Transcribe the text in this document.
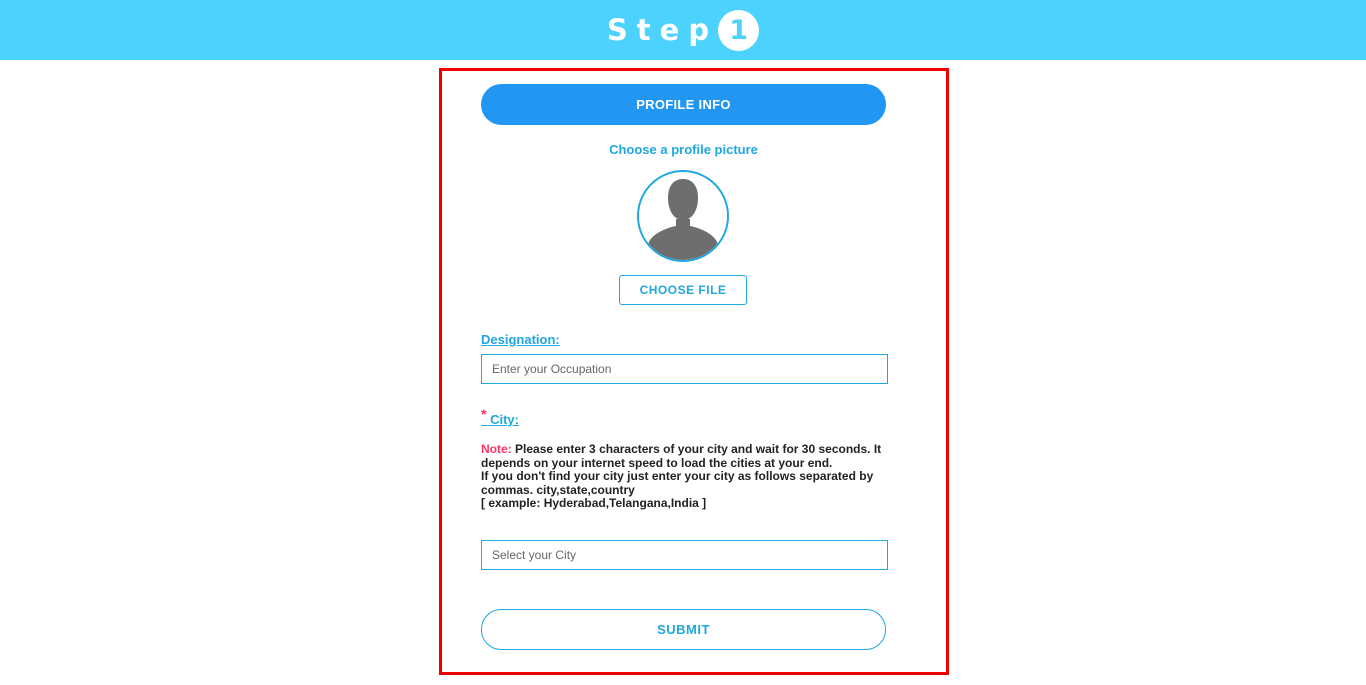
Step 1
PROFILE INFO
Choose a profile picture
CHOOSE FILE
Designation:
Enter your Occupation
* City:
Note: Please enter 3 characters of your city and wait for 30 seconds. It depends on your internet speed to load the cities at your end.
If you don't find your city just enter your city as follows separated by commas. city,state,country
[ example: Hyderabad,Telangana,India ]
Select your City
SUBMIT
